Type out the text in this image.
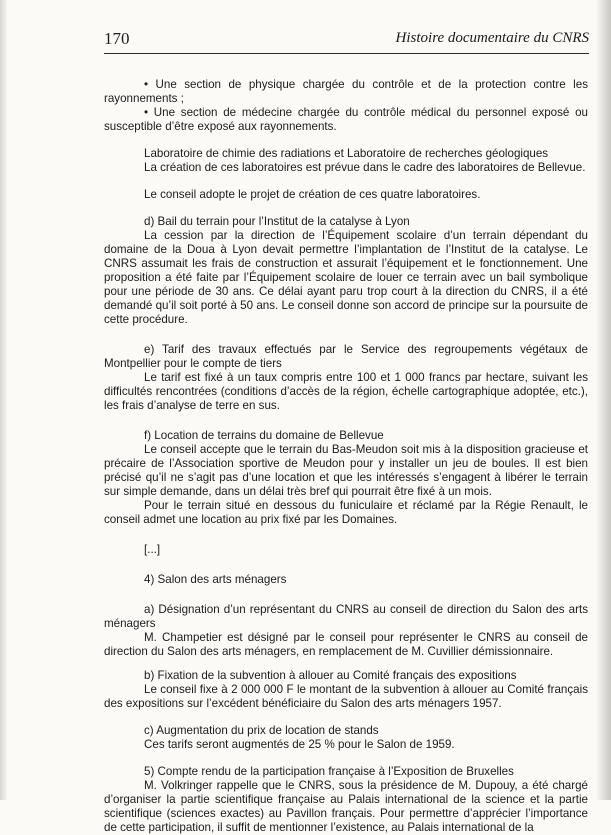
170	Histoire documentaire du CNRS

• Une section de physique chargée du contrôle et de la protection contre les rayonnements ;

• Une section de médecine chargée du contrôle médical du personnel exposé ou susceptible d’être exposé aux rayonnements.

Laboratoire de chimie des radiations et Laboratoire de recherches géologiques

La création de ces laboratoires est prévue dans le cadre des laboratoires de Bellevue.

Le conseil adopte le projet de création de ces quatre laboratoires.

d) Bail du terrain pour l’Institut de la catalyse à Lyon

La cession par la direction de l’Équipement scolaire d’un terrain dépendant du domaine de la Doua à Lyon devait permettre l’implantation de l’Institut de la catalyse. Le CNRS assumait les frais de construction et assurait l’équipement et le fonctionnement. Une proposition a été faite par l’Équipement scolaire de louer ce terrain avec un bail symbolique pour une période de 30 ans. Ce délai ayant paru trop court à la direction du CNRS, il a été demandé qu’il soit porté à 50 ans. Le conseil donne son accord de principe sur la poursuite de cette procédure.

e) Tarif des travaux effectués par le Service des regroupements végétaux de Montpellier pour le compte de tiers

Le tarif est fixé à un taux compris entre 100 et 1 000 francs par hectare, suivant les difficultés rencontrées (conditions d’accès de la région, échelle cartographique adoptée, etc.), les frais d’analyse de terre en sus.

f) Location de terrains du domaine de Bellevue

Le conseil accepte que le terrain du Bas-Meudon soit mis à la disposition gracieuse et précaire de l’Association sportive de Meudon pour y installer un jeu de boules. Il est bien précisé qu’il ne s’agit pas d’une location et que les intéressés s’engagent à libérer le terrain sur simple demande, dans un délai très bref qui pourrait être fixé à un mois.

Pour le terrain situé en dessous du funiculaire et réclamé par la Régie Renault, le conseil admet une location au prix fixé par les Domaines.

[...]

4) Salon des arts ménagers

a) Désignation d’un représentant du CNRS au conseil de direction du Salon des arts ménagers

M. Champetier est désigné par le conseil pour représenter le CNRS au conseil de direction du Salon des arts ménagers, en remplacement de M. Cuvillier démissionnaire.

b) Fixation de la subvention à allouer au Comité français des expositions

Le conseil fixe à 2 000 000 F le montant de la subvention à allouer au Comité français des expositions sur l’excédent bénéficiaire du Salon des arts ménagers 1957.

c) Augmentation du prix de location de stands

Ces tarifs seront augmentés de 25 % pour le Salon de 1959.

5) Compte rendu de la participation française à l’Exposition de Bruxelles

M. Volkringer rappelle que le CNRS, sous la présidence de M. Dupouy, a été chargé d’organiser la partie scientifique française au Palais international de la science et la partie scientifique (sciences exactes) au Pavillon français. Pour permettre d’apprécier l’importance de cette participation, il suffit de mentionner l’existence, au Palais international de la
